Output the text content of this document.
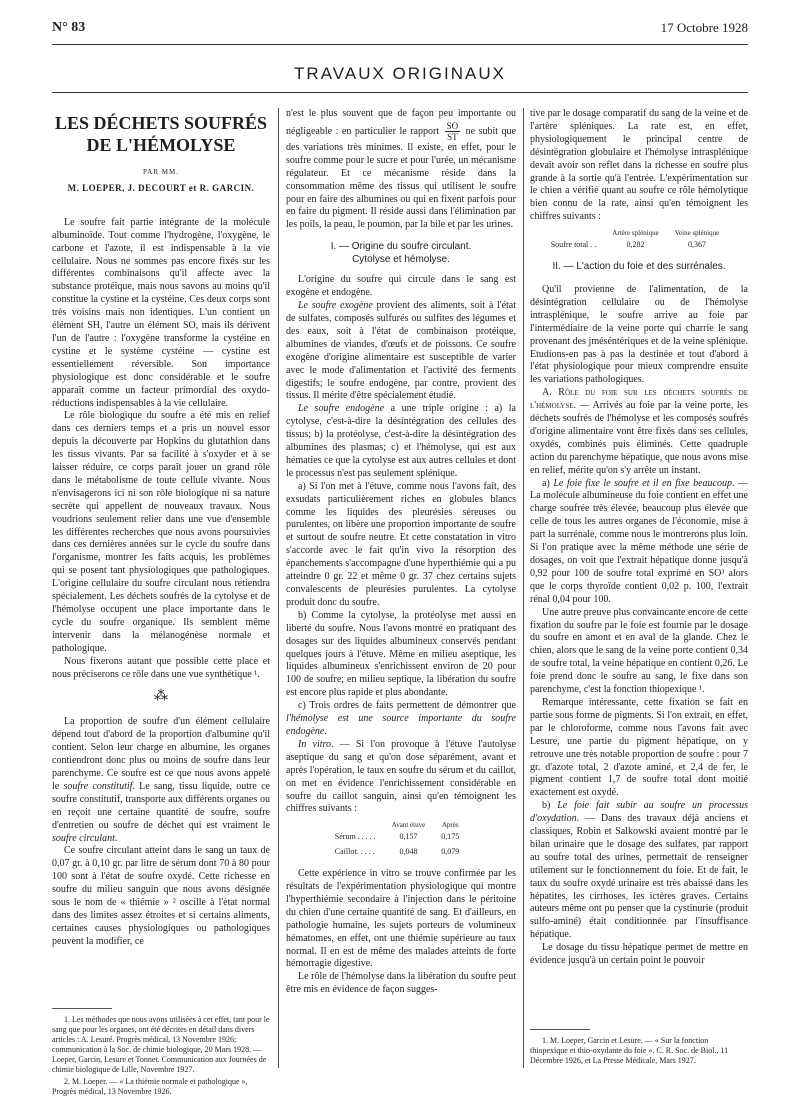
N° 83	17 Octobre 1928
TRAVAUX ORIGINAUX
LES DÉCHETS SOUFRÉS
DE L'HÉMOLYSE
PAR MM.
M. LOEPER, J. DECOURT et R. GARCIN.

Le soufre fait partie intégrante de la molécule albuminoïde. Tout comme l'hydrogène, l'oxygène, le carbone et l'azote, il est indispensable à la vie cellulaire. Nous ne sommes pas encore fixés sur les différentes combinaisons qu'il affecte avec la substance protéique, mais nous savons au moins qu'il constitue la cystine et la cystéine. Ces deux corps sont très voisins mais non identiques. L'un contient un élément SH, l'autre un élément SO, mais ils dérivent l'un de l'autre : l'oxygène transforme la cystéine en cystine et le système cystéine — cystine est essentiellement réversible. Son importance physiologique est donc considérable et le soufre apparaît comme un facteur primordial des oxydo-réductions indispensables à la vie cellulaire.

Le rôle biologique du soufre a été mis en relief dans ces derniers temps et a pris un nouvel essor depuis la découverte par Hopkins du glutathion dans les tissus vivants. Par sa facilité à s'oxyder et à se laisser réduire, ce corps paraît jouer un grand rôle dans le métabolisme de toute cellule vivante. Nous n'envisagerons ici ni son rôle biologique ni sa nature secrète qui appellent de nouveaux travaux. Nous voudrions seulement relier dans une vue d'ensemble les différentes recherches que nous avons poursuivies dans ces dernières années sur le cycle du soufre dans l'organisme, montrer les faits acquis, les problèmes qui se posent tant physiologiques que pathologiques. L'origine cellulaire du soufre circulant nous retiendra spécialement. Les déchets soufrés de la cytolyse et de l'hémolyse occupent une place importante dans le cycle du soufre organique. Ils semblent même intervenir dans la mélanogénèse normale et pathologique.

Nous fixerons autant que possible cette place et nous préciserons ce rôle dans une vue synthétique ¹.

⁂

La proportion de soufre d'un élément cellulaire dépend tout d'abord de la proportion d'albumine qu'il contient. Selon leur charge en albumine, les organes contiendront donc plus ou moins de soufre dans leur parenchyme. Ce soufre est ce que nous avons appelé le soufre constitutif. Le sang, tissu liquide, outre ce soufre constitutif, transporte aux différents organes ou en reçoit une certaine quantité de soufre, soufre d'entretien ou soufre de déchet qui est vraiment le soufre circulant.

Ce soufre circulant atteint dans le sang un taux de 0,07 gr. à 0,10 gr. par litre de sérum dont 70 à 80 pour 100 sont à l'état de soufre oxydé. Cette richesse en soufre du milieu sanguin que nous avons désignée sous le nom de « thiémie » ² oscille à l'état normal dans des limites assez étroites et si certains aliments, certaines causes physiologiques ou pathologiques peuvent la modifier, ce

1. Les méthodes que nous avons utilisées à cet effet, tant pour le sang que pour les organes, ont été décrites en détail dans divers articles : A. Lesuré. Progrès médical, 13 Novembre 1926; communication à la Soc. de chimie biologique, 20 Mars 1928. — Loeper, Garcin, Lesure et Tonnet. Communication aux Journées de chimie biologique de Lille, Novembre 1927.

2. M. Loeper. — « La thiémie normale et pathologique », Progrès médical, 13 Novembre 1926.

n'est le plus souvent que de façon peu importante ou négligeable : en particulier le rapport $\frac{SO}{ST}$ ne subit que des variations très minimes. Il existe, en effet, pour le soufre comme pour le sucre et pour l'urée, un mécanisme régulateur. Et ce mécanisme réside dans la consommation même des tissus qui utilisent le soufre pour en faire des albumines ou qui en fixent parfois pour en faire du pigment. Il réside aussi dans l'élimination par les poils, la peau, le poumon, par la bile et par les urines.

I. — Origine du soufre circulant.
Cytolyse et hémolyse.

L'origine du soufre qui circule dans le sang est exogène et endogène.

Le soufre exogène provient des aliments, soit à l'état de sulfates, composés sulfurés ou sulfites des légumes et des eaux, soit à l'état de combinaison protéique, albumines de viandes, d'œufs et de poissons. Ce soufre exogène d'origine alimentaire est susceptible de varier avec le mode d'alimentation et l'activité des ferments digestifs; le soufre endogène, par contre, provient des tissus. Il mérite d'être spécialement étudié.

Le soufre endogène a une triple origine : a) la cytolyse, c'est-à-dire la désintégration des cellules des tissus; b) la protéolyse, c'est-à-dire la désintégration des albumines des plasmas; c) et l'hémolyse, qui est aux hématies ce que la cytolyse est aux autres cellules et dont le processus n'est pas seulement splénique.

a) Si l'on met à l'étuve, comme nous l'avons fait, des exsudats particulièrement riches en globules blancs comme les liquides des pleurésies séreuses ou purulentes, on libère une proportion importante de soufre et surtout de soufre neutre. Et cette constatation in vitro s'accorde avec le fait qu'in vivo la résorption des épanchements s'accompagne d'une hyperthiémie qui a pu atteindre 0 gr. 22 et même 0 gr. 37 chez certains sujets convalescents de pleurésies purulentes. La cytolyse produit donc du soufre.

b) Comme la cytolyse, la protéolyse met aussi en liberté du soufre. Nous l'avons montré en pratiquant des dosages sur des liquides albumineux conservés pendant quelques jours à l'étuve. Même en milieu aseptique, les liquides albumineux s'enrichissent environ de 20 pour 100 de soufre; en milieu septique, la libération du soufre est encore plus rapide et plus abondante.

c) Trois ordres de faits permettent de démontrer que l'hémolyse est une source importante du soufre endogène.

In vitro. — Si l'on provoque à l'étuve l'autolyse aseptique du sang et qu'on dose séparément, avant et après l'opération, le taux en soufre du sérum et du caillot, on met en évidence l'enrichissement considérable en soufre du caillot sanguin, ainsi qu'en témoignent les chiffres suivants :

	Avant étuve	Après
Sérum . . . . .	0,157	0,175
Caillot. . . . .	0,048	0,079

Cette expérience in vitro se trouve confirmée par les résultats de l'expérimentation physiologique qui montre l'hyperthiémie secondaire à l'injection dans le péritoine du chien d'une certaine quantité de sang. Et d'ailleurs, en pathologie humaine, les sujets porteurs de volumineux hématomes, en effet, ont une thiémie supérieure au taux normal. Il en est de même des malades atteints de forte hémorragie digestive.

Le rôle de l'hémolyse dans la libération du soufre peut être mis en évidence de façon sugges-

tive par le dosage comparatif du sang de la veine et de l'artère spléniques. La rate est, en effet, physiologiquement le principal centre de désintégration globulaire et l'hémolyse intrasplénique devait avoir son reflet dans la richesse en soufre plus grande à la sortie qu'à l'entrée. L'expérimentation sur le chien a vérifié quant au soufre ce rôle hémolytique bien connu de la rate, ainsi qu'en témoignent les chiffres suivants :

	Artère splénique	Veine splénique
Soufre total . .	0,282	0,367
II. — L'action du foie et des surrénales.

Qu'il provienne de l'alimentation, de la désintégration cellulaire ou de l'hémolyse intrasplénique, le soufre arrive au foie par l'intermédiaire de la veine porte qui charrie le sang provenant des jméséntériques et de la veine splénique. Etudions-en pas à pas la destinée et tout d'abord à l'état physiologique pour mieux comprendre ensuite les variations pathologiques.

A. Rôle du foie sur les déchets soufrés de l'hémolyse. — Arrivés au foie par la veine porte, les déchets soufrés de l'hémolyse et les composés soufrés d'origine alimentaire vont être fixés dans ses cellules, oxydés, combinés puis éliminés. Cette quadruple action du parenchyme hépatique, que nous avons mise en relief, mérite qu'on s'y arrête un instant.

a) Le foie fixe le soufre et il en fixe beaucoup. — La molécule albumineuse du foie contient en effet une charge soufrée très élevée, beaucoup plus élevée que celle de tous les autres organes de l'économie, mise à part la surrénale, comme nous le montrerons plus loin. Si l'on pratique avec la même méthode une série de dosages, on voit que l'extrait hépatique donne jusqu'à 0,92 pour 100 de soufre total exprimé en SO³ alors que le corps thyroïde contient 0,02 p. 100, l'extrait rénal 0,04 pour 100.

Une autre preuve plus convaincante encore de cette fixation du soufre par le foie est fournie par le dosage du soufre en amont et en aval de la glande. Chez le chien, alors que le sang de la veine porte contient 0,34 de soufre total, la veine hépatique en contient 0,26. Le foie prend donc le soufre au sang, le fixe dans son parenchyme, c'est la fonction thiopexique ¹.

Remarque intéressante, cette fixation se fait en partie sous forme de pigments. Si l'on extrait, en effet, par le chloroforme, comme nous l'avons fait avec Lesure, une partie du pigment hépatique, on y retrouve une très notable proportion de soufre : pour 7 gr. d'azote total, 2 d'azote aminé, et 2,4 de fer, le pigment contient 1,7 de soufre total dont moitié exactement est oxydé.

b) Le foie fait subir au soufre un processus d'oxydation. — Dans des travaux déjà anciens et classiques, Robin et Salkowski avaient montré par le bilan urinaire que le dosage des sulfates, par rapport au soufre total des urines, permettait de renseigner utilement sur le fonctionnement du foie. Et de fait, le taux du soufre oxydé urinaire est très abaissé dans les hépatites, les cirrhoses, les ictères graves. Certains auteurs même ont pu penser que la cystinurie (produit sulfo-aminé) était conditionnée par l'insuffisance hépatique.

Le dosage du tissu hépatique permet de mettre en évidence jusqu'à un certain point le pouvoir

1. M. Loeper, Garcin et Lesure. — « Sur la fonction thiopexique et thio-oxydante du foie ». C. R. Soc. de Biol., 11 Décembre 1926, et La Presse Médicale, Mars 1927.
